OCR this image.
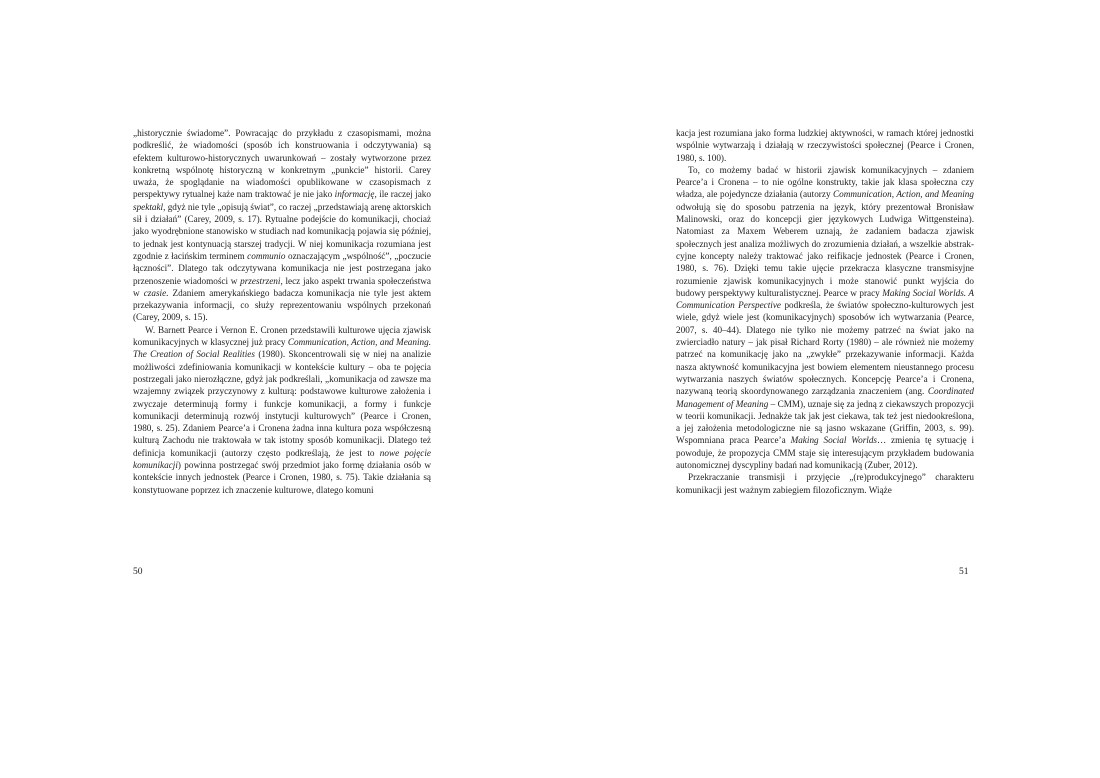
„historycznie świadome”. Powracając do przykładu z czasopismami, można podkreślić, że wiadomości (sposób ich konstruowania i odczytywania) są efektem kulturowo-historycznych uwarunkowań – zostały wytworzone przez konkretną wspólnotę historyczną w konkretnym „punkcie” historii. Carey uważa, że spoglądanie na wiadomości opublikowane w czasopismach z perspektywy rytualnej każe nam traktować je nie jako informację, ile raczej jako spektakl, gdyż nie tyle „opisują świat”, co raczej „przedstawiają arenę aktorskich sił i działań” (Carey, 2009, s. 17). Rytualne podejście do komunikacji, chociaż jako wyodrębnione stanowisko w studiach nad komunikacją pojawia się później, to jednak jest kontynuacją starszej tradycji. W niej komunikacja rozumiana jest zgodnie z łacińskim terminem communio oznaczającym „wspólność”, „poczucie łączności”. Dlatego tak odczytywana komunikacja nie jest postrzegana jako przenoszenie wiadomości w przestrzeni, lecz jako aspekt trwania społeczeństwa w czasie. Zdaniem amerykańskiego badacza komunikacja nie tyle jest aktem przekazywania informacji, co służy reprezentowaniu wspólnych przekonań (Carey, 2009, s. 15).

W. Barnett Pearce i Vernon E. Cronen przedstawili kulturowe ujęcia zjawisk komunikacyjnych w klasycznej już pracy Communication, Action, and Meaning. The Creation of Social Realities (1980). Skoncentrowali się w niej na analizie możliwości zdefiniowania komunikacji w kontekście kultury – oba te pojęcia postrzegali jako nierozłączne, gdyż jak podkreślali, „komunikacja od zawsze ma wzajemny związek przyczynowy z kulturą: podstawowe kulturowe założenia i zwyczaje determinują formy i funkcje komunikacji, a formy i funkcje komunikacji determinują rozwój instytucji kulturowych” (Pearce i Cronen, 1980, s. 25). Zdaniem Pearce’a i Cronena żadna inna kultura poza współczesną kulturą Zachodu nie traktowała w tak istotny sposób komunikacji. Dlatego też definicja komunikacji (autorzy często podkreślają, że jest to nowe pojęcie komunikacji) powinna postrzegać swój przedmiot jako formę działania osób w kontekście innych jednostek (Pearce i Cronen, 1980, s. 75). Takie działania są konstytuowane poprzez ich znaczenie kulturowe, dlatego komuni

50

kacja jest rozumiana jako forma ludzkiej aktywności, w ramach której jednostki wspólnie wytwarzają i działają w rzeczywistości społecznej (Pearce i Cronen, 1980, s. 100).

To, co możemy badać w historii zjawisk komunikacyjnych – zdaniem Pearce’a i Cronena – to nie ogólne konstrukty, takie jak klasa społeczna czy władza, ale pojedyncze działania (autorzy Communication, Action, and Meaning odwołują się do sposobu patrzenia na język, który prezentował Bronisław Malinowski, oraz do koncepcji gier językowych Ludwiga Wittgensteina). Natomiast za Maxem Weberem uznają, że zadaniem badacza zjawisk społecznych jest analiza możliwych do zrozumienia działań, a wszelkie abstrakcyjne koncepty należy traktować jako reifikacje jednostek (Pearce i Cronen, 1980, s. 76). Dzięki temu takie ujęcie przekracza klasyczne transmisyjne rozumienie zjawisk komunikacyjnych i może stanowić punkt wyjścia do budowy perspektywy kulturalistycznej. Pearce w pracy Making Social Worlds. A Communication Perspective podkreśla, że światów społeczno-kulturowych jest wiele, gdyż wiele jest (komunikacyjnych) sposobów ich wytwarzania (Pearce, 2007, s. 40–44). Dlatego nie tylko nie możemy patrzeć na świat jako na zwierciadło natury – jak pisał Richard Rorty (1980) – ale również nie możemy patrzeć na komunikację jako na „zwykłe” przekazywanie informacji. Każda nasza aktywność komunikacyjna jest bowiem elementem nieustannego procesu wytwarzania naszych światów społecznych. Koncepcję Pearce’a i Cronena, nazywaną teorią skoordynowanego zarządzania znaczeniem (ang. Coordinated Management of Meaning – CMM), uznaje się za jedną z ciekawszych propozycji w teorii komunikacji. Jednakże tak jak jest ciekawa, tak też jest niedookreślona, a jej założenia metodologiczne nie są jasno wskazane (Griffin, 2003, s. 99). Wspomniana praca Pearce’a Making Social Worlds… zmienia tę sytuację i powoduje, że propozycja CMM staje się interesującym przykładem budowania autonomicznej dyscypliny badań nad komunikacją (Zuber, 2012).

Przekraczanie transmisji i przyjęcie „(re)produkcyjnego” charakteru komunikacji jest ważnym zabiegiem filozoficznym. Wiąże

51
